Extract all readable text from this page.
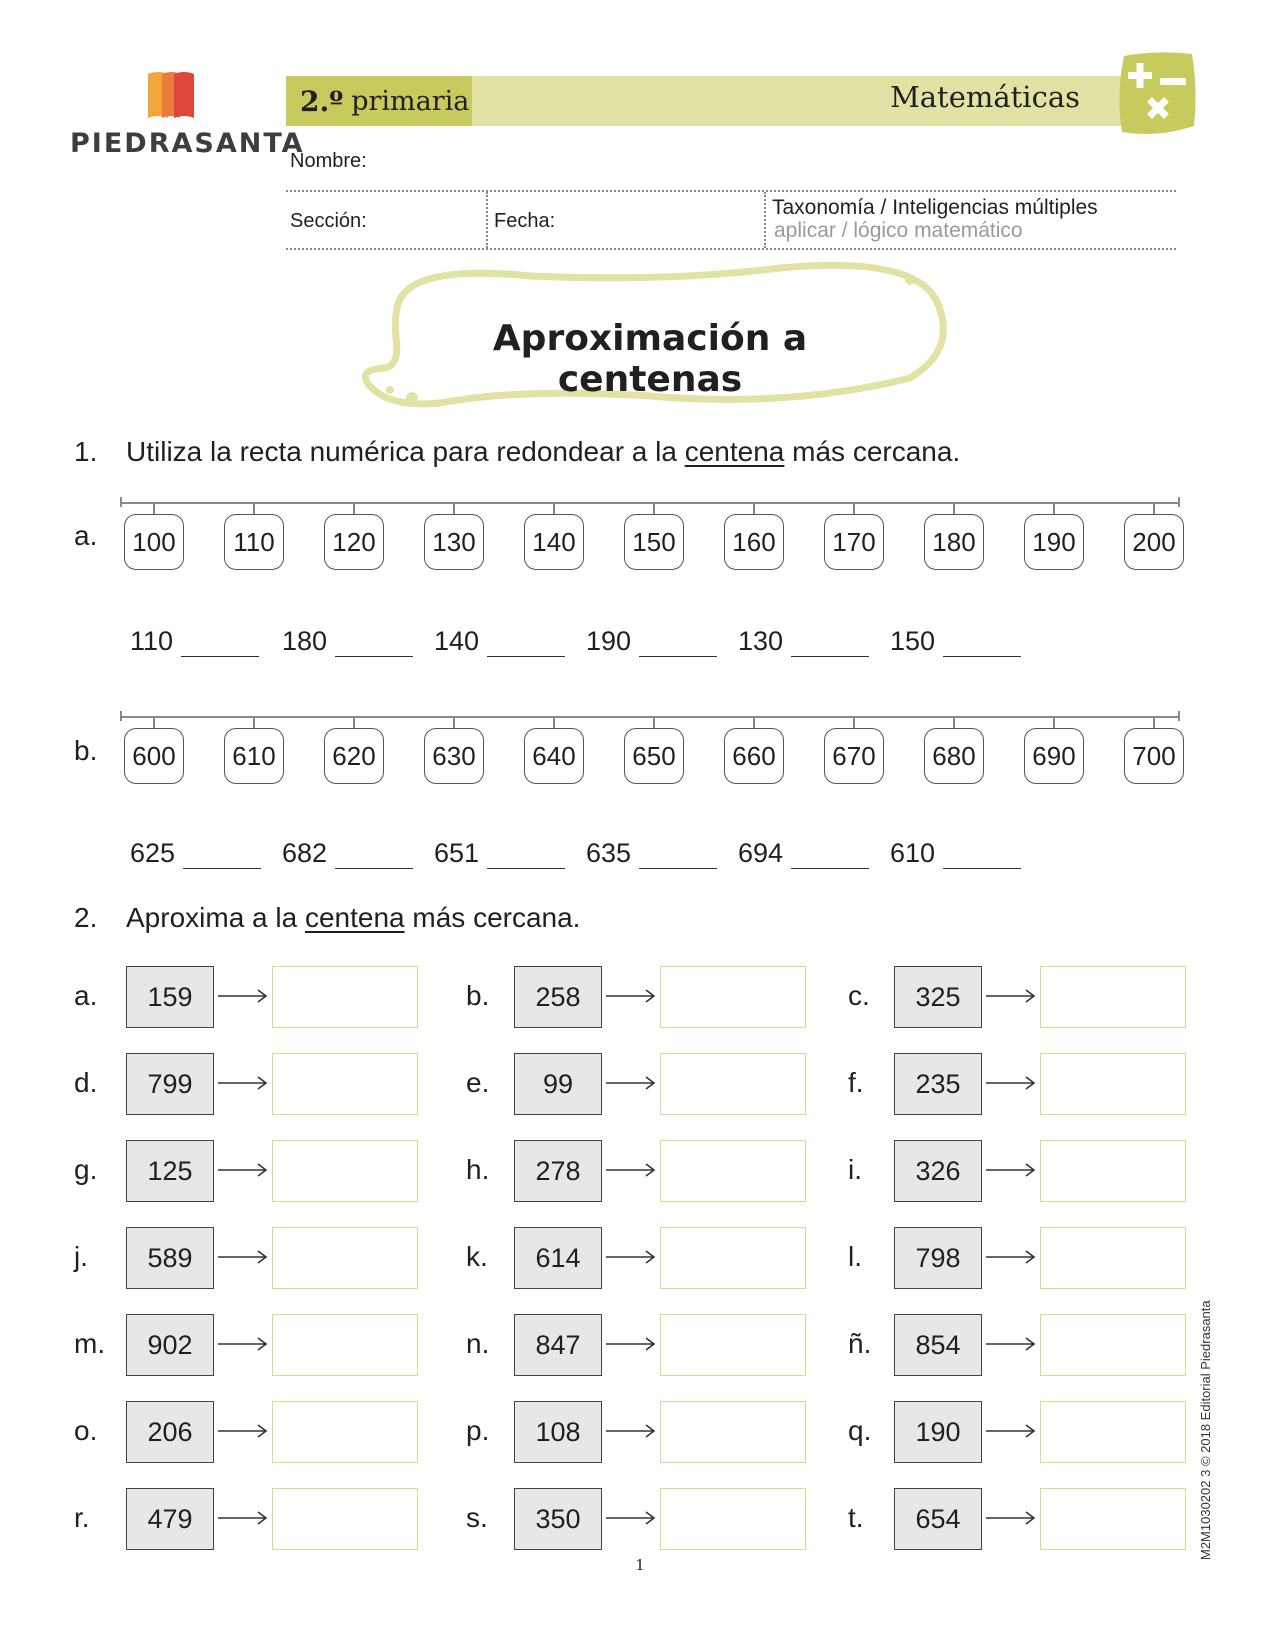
PIEDRASANTA
2.º primaria	Matemáticas
Nombre:
Sección:	Fecha:
Taxonomía / Inteligencias múltiples
aplicar / lógico matemático
Aproximación a centenas
1. Utiliza la recta numérica para redondear a la centena más cercana.
a.	100	110	120	130	140	150	160	170	180	190	200
110	180	140	190	130	150
b.	600	610	620	630	640	650	660	670	680	690	700
625	682	651	635	694	610
2. Aproxima a la centena más cercana.
a.	159	b.	258	c.	325
d.	799	e.	99	f.	235
g.	125	h.	278	i.	326
j.	589	k.	614	l.	798
m.	902	n.	847	ñ.	854
o.	206	p.	108	q.	190
r.	479	s.	350	t.	654
1
M2M1030202 3 © 2018 Editorial Piedrasanta
